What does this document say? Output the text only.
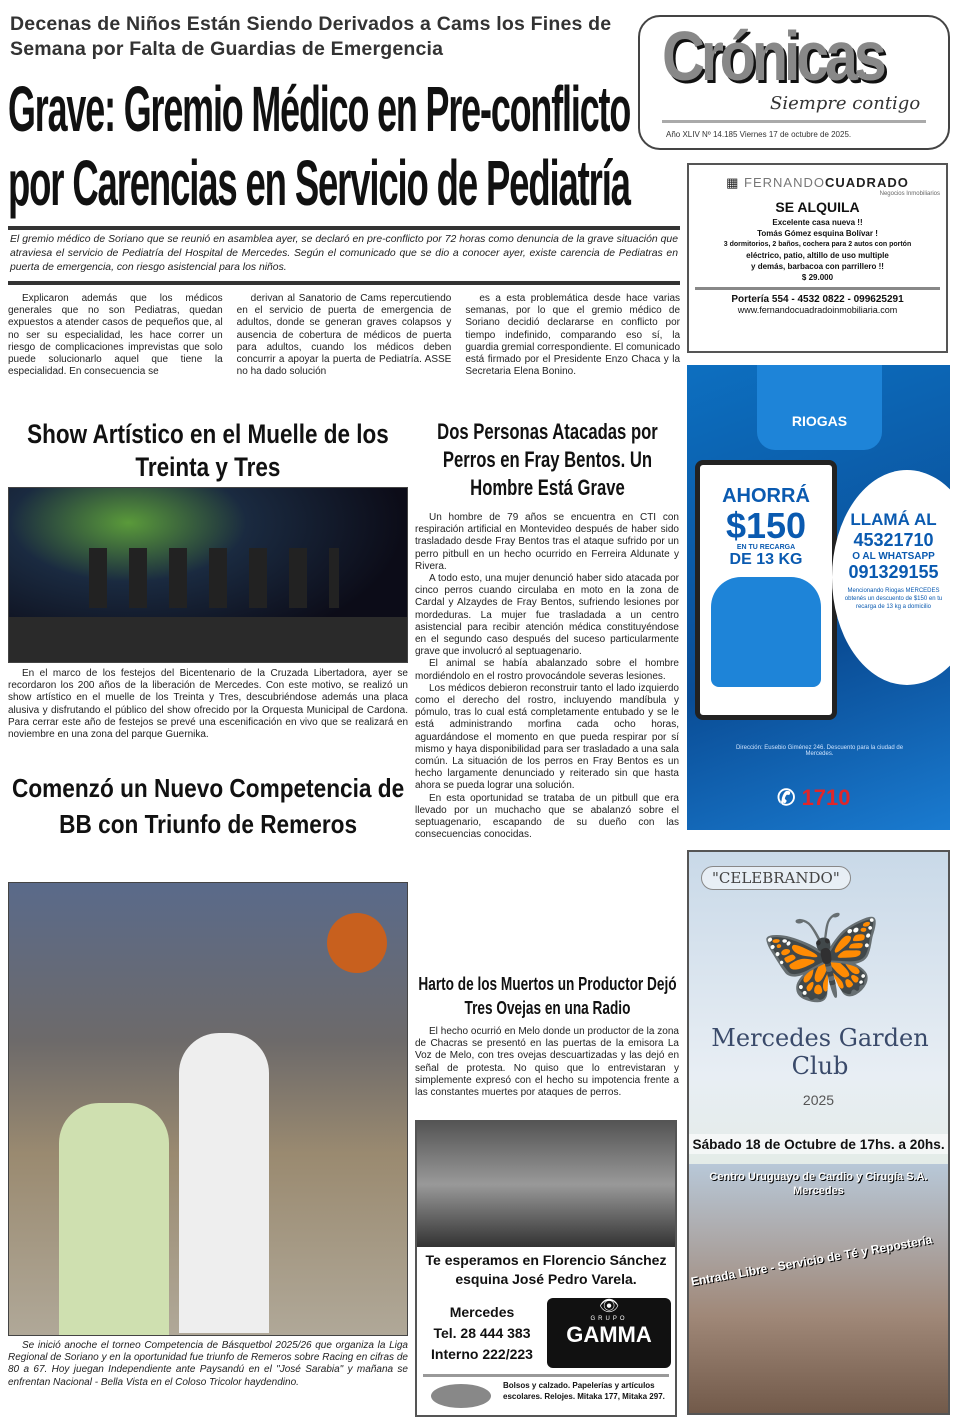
Decenas de Niños Están Siendo Derivados a Cams los Fines de Semana por Falta de Guardias de Emergencia
Grave: Gremio Médico en Pre-conflicto
por Carencias en Servicio de Pediatría
El gremio médico de Soriano que se reunió en asamblea ayer, se declaró en pre-conflicto por 72 horas como denuncia de la grave situación que atraviesa el servicio de Pediatría del Hospital de Mercedes. Según el comunicado que se dio a conocer ayer, existe carencia de Pediatras en puerta de emergencia, con riesgo asistencial para los niños.

Explicaron además que los médicos generales que no son Pediatras, quedan expuestos a atender casos de pequeños que, al no ser su especialidad, les hace correr un riesgo de complicaciones imprevistas que solo puede solucionarlo aquel que tiene la especialidad. En consecuencia se

derivan al Sanatorio de Cams repercutiendo en el servicio de puerta de emergencia de adultos, donde se generan graves colapsos y ausencia de cobertura de médicos de puerta para adultos, cuando los médicos deben concurrir a apoyar la puerta de Pediatría. ASSE no ha dado solución

es a esta problemática desde hace varias semanas, por lo que el gremio médico de Soriano decidió declararse en conflicto por tiempo indefinido, comparando eso sí, la guardia gremial correspondiente. El comunicado está firmado por el Presidente Enzo Chaca y la Secretaria Elena Bonino.

Crónicas
Siempre contigo
Año XLIV Nº 14.185 Viernes 17 de octubre de 2025.
▦ FERNANDOCUADRADO
Negocios Inmobiliarios
SE ALQUILA
Excelente casa nueva !!
Tomás Gómez esquina Bolívar !
3 dormitorios, 2 baños, cochera para 2 autos con portón
eléctrico, patio, altillo de uso multiple
y demás, barbacoa con parrillero !!
$ 29.000
Portería 554 - 4532 0822 - 099625291
www.fernandocuadradoinmobiliaria.com
Show Artístico en el Muelle de los Treinta y Tres
En el marco de los festejos del Bicentenario de la Cruzada Libertadora, ayer se recordaron los 200 años de la liberación de Mercedes. Con este motivo, se realizó un show artístico en el muelle de los Treinta y Tres, descubriéndose además una placa alusiva y disfrutando el público del show ofrecido por la Orquesta Municipal de Cardona. Para cerrar este año de festejos se prevé una escenificación en vivo que se realizará en noviembre en una zona del parque Guernika.
Comenzó un Nuevo Competencia de BB con Triunfo de Remeros
Se inició anoche el torneo Competencia de Básquetbol 2025/26 que organiza la Liga Regional de Soriano y en la oportunidad fue triunfo de Remeros sobre Racing en cifras de 80 a 67. Hoy juegan Independiente ante Paysandú en el "José Sarabia" y mañana se enfrentan Nacional - Bella Vista en el Coloso Tricolor haydendino.
Dos Personas Atacadas por Perros en Fray Bentos. Un Hombre Está Grave

Un hombre de 79 años se encuentra en CTI con respiración artificial en Montevideo después de haber sido trasladado desde Fray Bentos tras el ataque sufrido por un perro pitbull en un hecho ocurrido en Ferreira Aldunate y Rivera.

A todo esto, una mujer denunció haber sido atacada por cinco perros cuando circulaba en moto en la zona de Cardal y Alzaydes de Fray Bentos, sufriendo lesiones por mordeduras. La mujer fue trasladada a un centro asistencial para recibir atención médica constituyéndose en el segundo caso después del suceso particularmente grave que involucró al septuagenario.

El animal se había abalanzado sobre el hombre mordiéndolo en el rostro provocándole severas lesiones.

Los médicos debieron reconstruir tanto el lado izquierdo como el derecho del rostro, incluyendo mandíbula y pómulo, tras lo cual está completamente entubado y se le está administrando morfina cada ocho horas, aguardándose el momento en que pueda respirar por sí mismo y haya disponibilidad para ser trasladado a una sala común. La situación de los perros en Fray Bentos es un hecho largamente denunciado y reiterado sin que hasta ahora se pueda lograr una solución.

En esta oportunidad se trataba de un pitbull que era llevado por un muchacho que se abalanzó sobre el septuagenario, escapando de su dueño con las consecuencias conocidas.

Harto de los Muertos un Productor Dejó Tres Ovejas en una Radio
El hecho ocurrió en Melo donde un productor de la zona de Chacras se presentó en las puertas de la emisora La Voz de Melo, con tres ovejas descuartizadas y las dejó en señal de protesta. No quiso que lo entrevistaran y simplemente expresó con el hecho su impotencia frente a las constantes muertes por ataques de perros.
Te esperamos en Florencio Sánchez esquina José Pedro Varela.
Mercedes
Tel. 28 444 383
Interno 222/223
👁
GRUPO
GAMMA
Bolsos y calzado. Papelerías y artículos escolares. Relojes. Mitaka 177, Mitaka 297.
RIOGAS
AHORRÁ
$150
EN TU RECARGA
DE 13 KG
LLAMÁ AL
45321710
O AL WHATSAPP
091329155
Mencionando Riogas MERCEDES obtenés un descuento de $150 en tu recarga de 13 kg a domicilio
Dirección: Eusebio Giménez 246. Descuento para la ciudad de Mercedes.
✆ 1710
"CELEBRANDO"
🦋
Mercedes Garden Club
2025
Sábado 18 de Octubre de 17hs. a 20hs.
Centro Uruguayo de Cardio y Cirugía S.A. Mercedes
Entrada Libre - Servicio de Té y Repostería
